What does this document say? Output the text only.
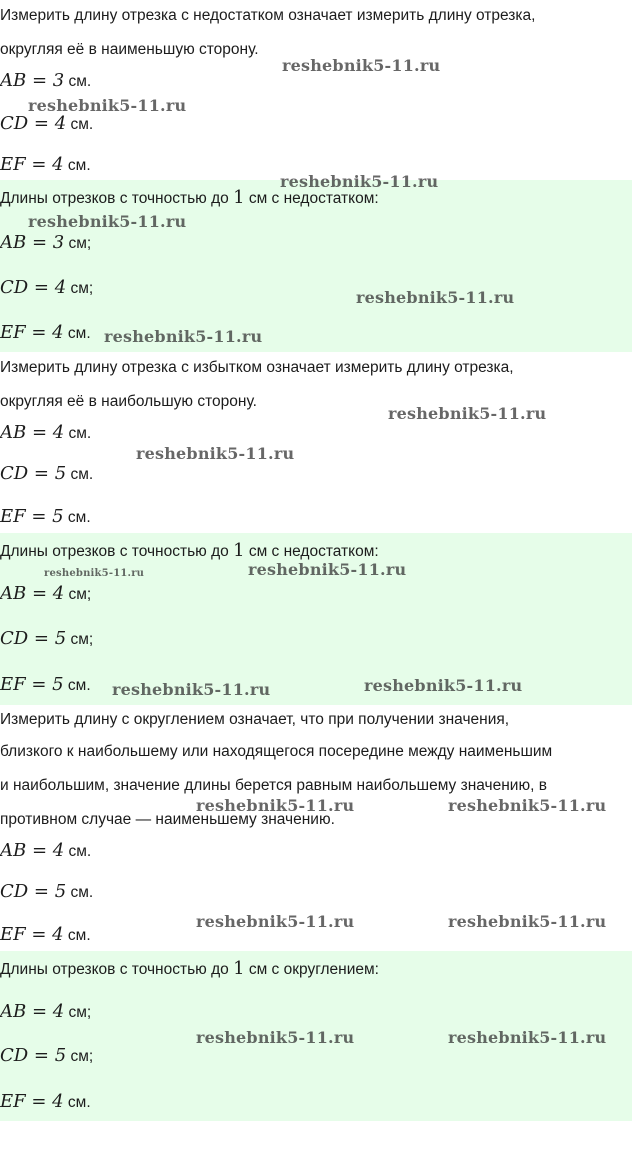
Измерить длину отрезка с недостатком означает измерить длину отрезка,
округляя её в наименьшую сторону.
AB = 3 см.
CD = 4 см.
EF = 4 см.
Длины отрезков с точностью до 1 см с недостатком:
AB = 3 см;
CD = 4 см;
EF = 4 см.
Измерить длину отрезка с избытком означает измерить длину отрезка,
округляя её в наибольшую сторону.
AB = 4 см.
CD = 5 см.
EF = 5 см.
Длины отрезков с точностью до 1 см с недостатком:
AB = 4 см;
CD = 5 см;
EF = 5 см.
Измерить длину с округлением означает, что при получении значения,
близкого к наибольшему или находящегося посередине между наименьшим
и наибольшим, значение длины берется равным наибольшему значению, в
противном случае — наименьшему значению.
AB = 4 см.
CD = 5 см.
EF = 4 см.
Длины отрезков с точностью до 1 см с округлением:
AB = 4 см;
CD = 5 см;
EF = 4 см.
reshebnik5-11.ru
reshebnik5-11.ru
reshebnik5-11.ru
reshebnik5-11.ru
reshebnik5-11.ru
reshebnik5-11.ru
reshebnik5-11.ru
reshebnik5-11.ru
reshebnik5-11.ru	reshebnik5-11.ru
reshebnik5-11.ru	reshebnik5-11.ru
reshebnik5-11.ru	reshebnik5-11.ru
reshebnik5-11.ru	reshebnik5-11.ru
reshebnik5-11.ru	reshebnik5-11.ru
